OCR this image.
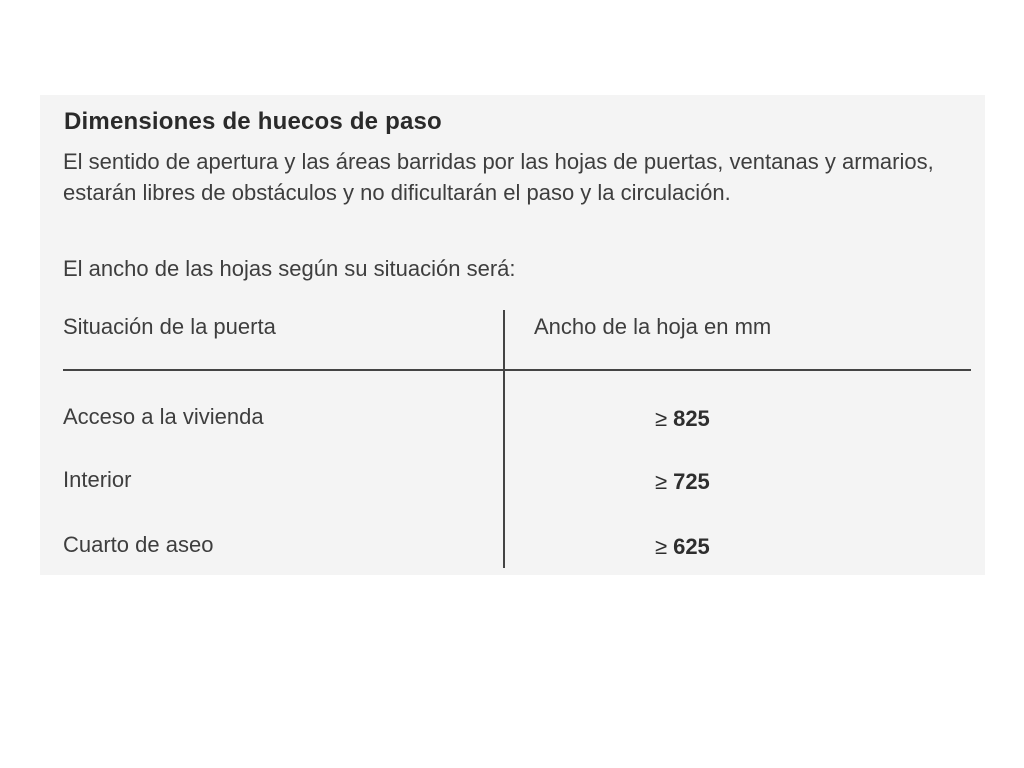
Dimensiones de huecos de paso
El sentido de apertura y las áreas barridas por las hojas de puertas, ventanas y armarios, estarán libres de obstáculos y no dificultarán el paso y la circulación.
El ancho de las hojas según su situación será:
Situación de la puerta	Ancho de la hoja en mm
Acceso a la vivienda	≥ 825
Interior	≥ 725
Cuarto de aseo	≥ 625
